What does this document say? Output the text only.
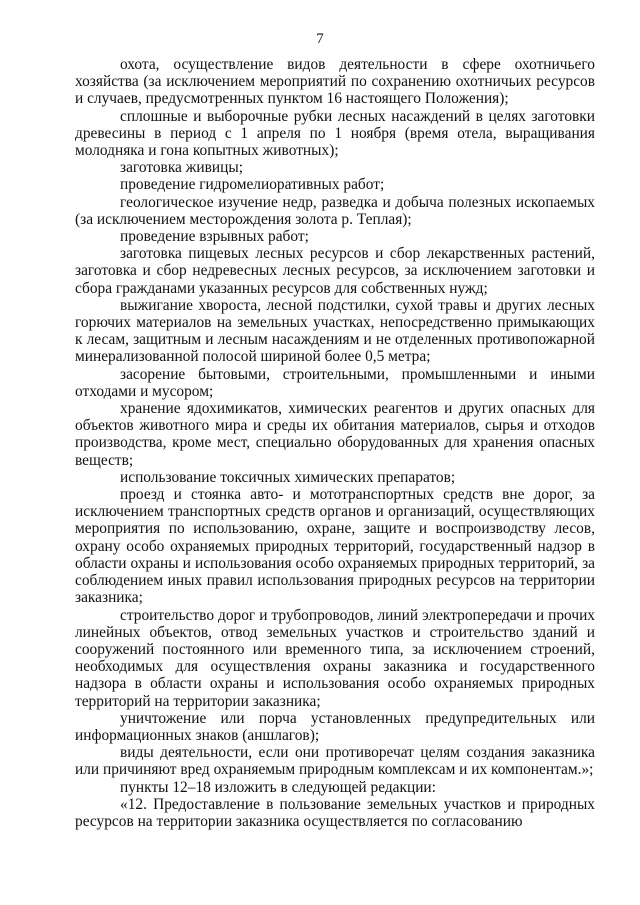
7

охота, осуществление видов деятельности в сфере охотничьего хозяйства (за исключением мероприятий по сохранению охотничьих ресурсов и случаев, предусмотренных пунктом 16 настоящего Положения);

сплошные и выборочные рубки лесных насаждений в целях заготовки древесины в период с 1 апреля по 1 ноября (время отела, выращивания молодняка и гона копытных животных);

заготовка живицы;

проведение гидромелиоративных работ;

геологическое изучение недр, разведка и добыча полезных ископаемых (за исключением месторождения золота р. Теплая);

проведение взрывных работ;

заготовка пищевых лесных ресурсов и сбор лекарственных растений, заготовка и сбор недревесных лесных ресурсов, за исключением заготовки и сбора гражданами указанных ресурсов для собственных нужд;

выжигание хвороста, лесной подстилки, сухой травы и других лесных горючих материалов на земельных участках, непосредственно примыкающих к лесам, защитным и лесным насаждениям и не отделенных противопожарной минерализованной полосой шириной более 0,5 метра;

засорение бытовыми, строительными, промышленными и иными отходами и мусором;

хранение ядохимикатов, химических реагентов и других опасных для объектов животного мира и среды их обитания материалов, сырья и отходов производства, кроме мест, специально оборудованных для хранения опасных веществ;

использование токсичных химических препаратов;

проезд и стоянка авто- и мототранспортных средств вне дорог, за исключением транспортных средств органов и организаций, осуществляющих мероприятия по использованию, охране, защите и воспроизводству лесов, охрану особо охраняемых природных территорий, государственный надзор в области охраны и использования особо охраняемых природных территорий, за соблюдением иных правил использования природных ресурсов на территории заказника;

строительство дорог и трубопроводов, линий электропередачи и прочих линейных объектов, отвод земельных участков и строительство зданий и сооружений постоянного или временного типа, за исключением строений, необходимых для осуществления охраны заказника и государственного надзора в области охраны и использования особо охраняемых природных территорий на территории заказника;

уничтожение или порча установленных предупредительных или информационных знаков (аншлагов);

виды деятельности, если они противоречат целям создания заказника или причиняют вред охраняемым природным комплексам и их компонентам.»;

пункты 12–18 изложить в следующей редакции:

«12. Предоставление в пользование земельных участков и природных ресурсов на территории заказника осуществляется по согласованию
